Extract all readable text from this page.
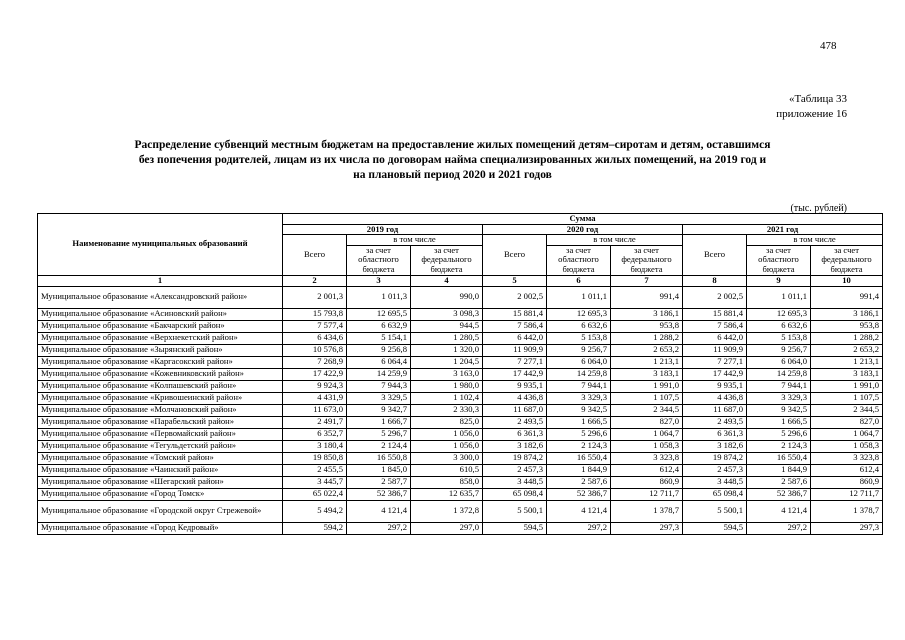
478
«Таблица 33
приложение 16
Распределение субвенций местным бюджетам на предоставление жилых помещений детям–сиротам и детям, оставшимся
без попечения родителей, лицам из их числа по договорам найма специализированных жилых помещений, на 2019 год и
на плановый период 2020 и 2021 годов
(тыс. рублей)
Наименование муниципальных образований	Сумма								
	2019 год			2020 год			2021 год		
	Всего	в том числе		Всего	в том числе		Всего	в том числе	
		за счет областного бюджета	за счет федерального бюджета		за счет областного бюджета	за счет федерального бюджета		за счет областного бюджета	за счет федерального бюджета
1	2	3	4	5	6	7	8	9	10
Муниципальное образование «Александровский район»	2 001,3	1 011,3	990,0	2 002,5	1 011,1	991,4	2 002,5	1 011,1	991,4
Муниципальное образование «Асиновский район»	15 793,8	12 695,5	3 098,3	15 881,4	12 695,3	3 186,1	15 881,4	12 695,3	3 186,1
Муниципальное образование «Бакчарский район»	7 577,4	6 632,9	944,5	7 586,4	6 632,6	953,8	7 586,4	6 632,6	953,8
Муниципальное образование «Верхнекетский район»	6 434,6	5 154,1	1 280,5	6 442,0	5 153,8	1 288,2	6 442,0	5 153,8	1 288,2
Муниципальное образование «Зырянский район»	10 576,8	9 256,8	1 320,0	11 909,9	9 256,7	2 653,2	11 909,9	9 256,7	2 653,2
Муниципальное образование «Каргасокский район»	7 268,9	6 064,4	1 204,5	7 277,1	6 064,0	1 213,1	7 277,1	6 064,0	1 213,1
Муниципальное образование «Кожевниковский район»	17 422,9	14 259,9	3 163,0	17 442,9	14 259,8	3 183,1	17 442,9	14 259,8	3 183,1
Муниципальное образование «Колпашевский район»	9 924,3	7 944,3	1 980,0	9 935,1	7 944,1	1 991,0	9 935,1	7 944,1	1 991,0
Муниципальное образование «Кривошеинский район»	4 431,9	3 329,5	1 102,4	4 436,8	3 329,3	1 107,5	4 436,8	3 329,3	1 107,5
Муниципальное образование «Молчановский район»	11 673,0	9 342,7	2 330,3	11 687,0	9 342,5	2 344,5	11 687,0	9 342,5	2 344,5
Муниципальное образование «Парабельский район»	2 491,7	1 666,7	825,0	2 493,5	1 666,5	827,0	2 493,5	1 666,5	827,0
Муниципальное образование «Первомайский район»	6 352,7	5 296,7	1 056,0	6 361,3	5 296,6	1 064,7	6 361,3	5 296,6	1 064,7
Муниципальное образование «Тегульдетский район»	3 180,4	2 124,4	1 056,0	3 182,6	2 124,3	1 058,3	3 182,6	2 124,3	1 058,3
Муниципальное образование «Томский район»	19 850,8	16 550,8	3 300,0	19 874,2	16 550,4	3 323,8	19 874,2	16 550,4	3 323,8
Муниципальное образование «Чаинский район»	2 455,5	1 845,0	610,5	2 457,3	1 844,9	612,4	2 457,3	1 844,9	612,4
Муниципальное образование «Шегарский район»	3 445,7	2 587,7	858,0	3 448,5	2 587,6	860,9	3 448,5	2 587,6	860,9
Муниципальное образование «Город Томск»	65 022,4	52 386,7	12 635,7	65 098,4	52 386,7	12 711,7	65 098,4	52 386,7	12 711,7
Муниципальное образование «Городской округ Стрежевой»	5 494,2	4 121,4	1 372,8	5 500,1	4 121,4	1 378,7	5 500,1	4 121,4	1 378,7
Муниципальное образование «Город Кедровый»	594,2	297,2	297,0	594,5	297,2	297,3	594,5	297,2	297,3
